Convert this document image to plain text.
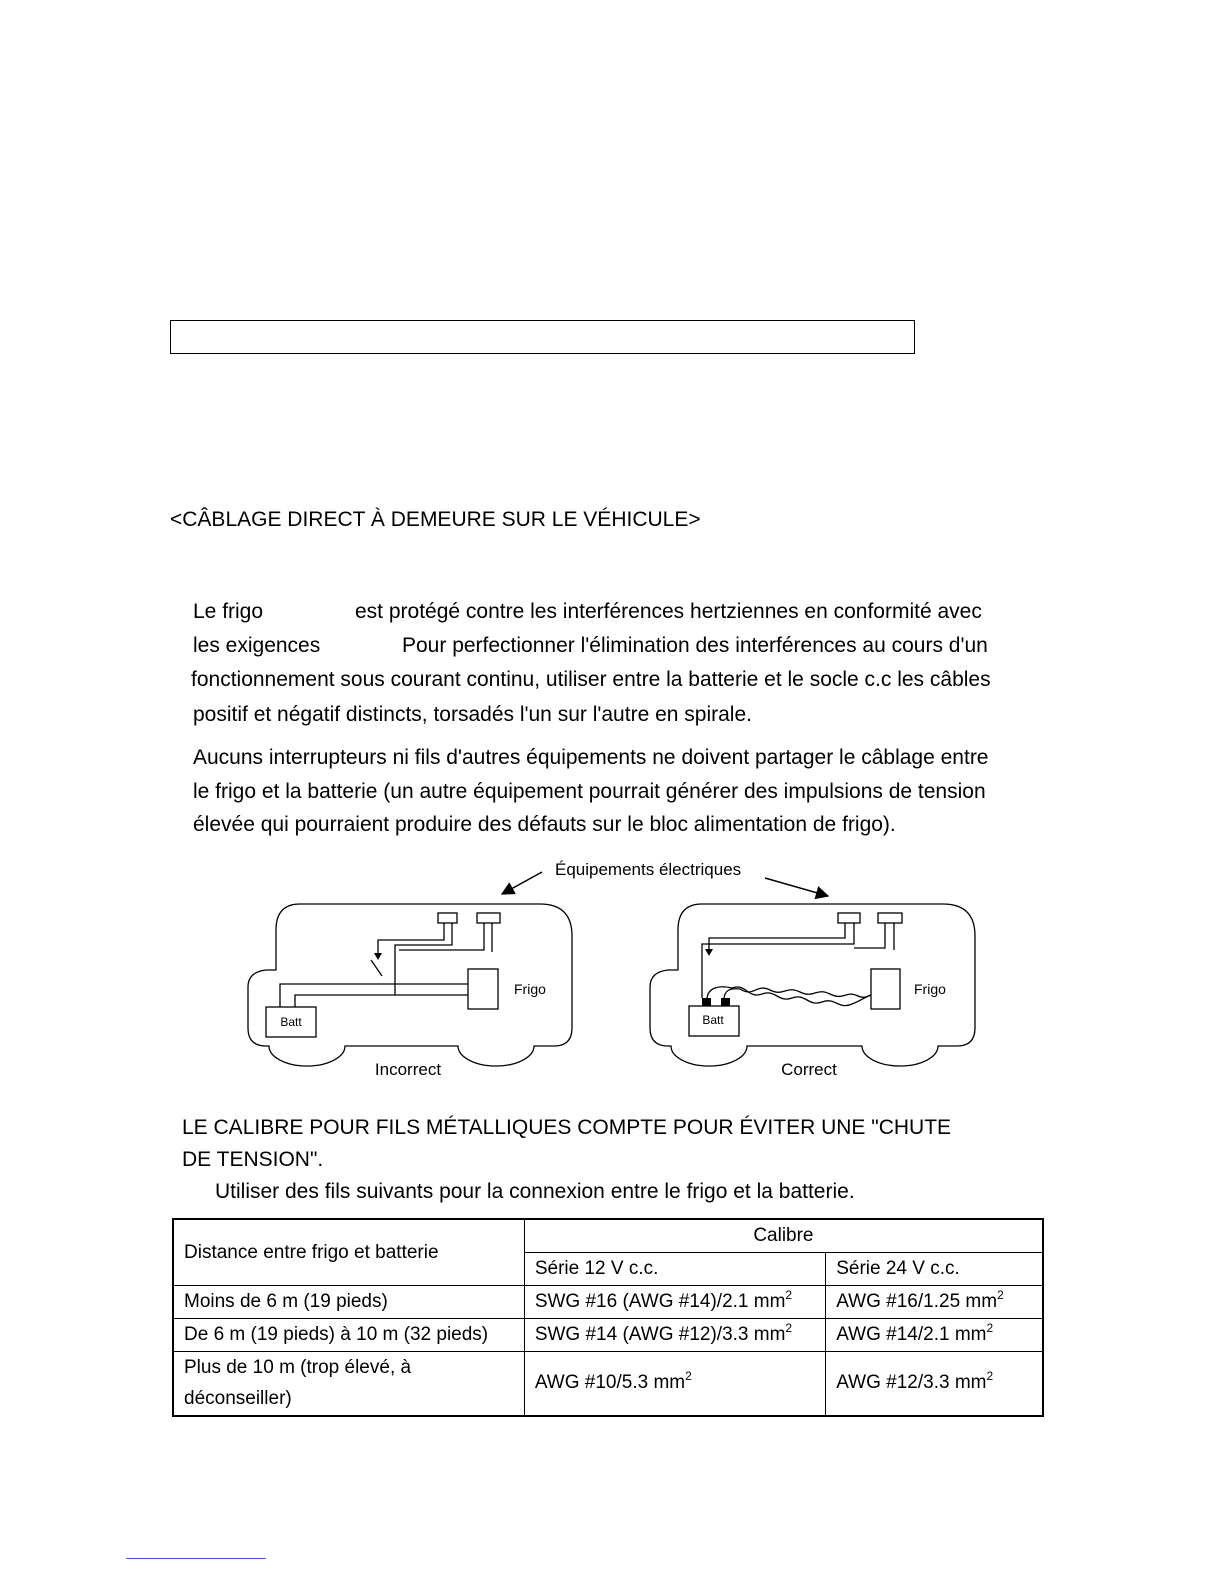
<CÂBLAGE DIRECT À DEMEURE SUR LE VÉHICULE>
Le frigo	est protégé contre les interférences hertziennes en conformité avec
les exigences	Pour perfectionner l'élimination des interférences au cours d'un
fonctionnement sous courant continu, utiliser entre la batterie et le socle c.c les câbles
positif et négatif distincts, torsadés l'un sur l'autre en spirale.
Aucuns interrupteurs ni fils d'autres équipements ne doivent partager le câblage entre
le frigo et la batterie (un autre équipement pourrait générer des impulsions de tension
élevée qui pourraient produire des défauts sur le bloc alimentation de frigo).
Équipements électriques
Batt
Frigo
Incorrect
Batt
Frigo
Correct
LE CALIBRE POUR FILS MÉTALLIQUES COMPTE POUR ÉVITER UNE "CHUTE
DE TENSION".
Utiliser des fils suivants pour la connexion entre le frigo et la batterie.
Distance entre frigo et batterie	Calibre	
	Série 12 V c.c.	Série 24 V c.c.
Moins de 6 m (19 pieds)	SWG #16 (AWG #14)/2.1 $mm^2$	AWG #16/1.25 $mm^2$
De 6 m (19 pieds) à 10 m (32 pieds)	SWG #14 (AWG #12)/3.3 $mm^2$	AWG #14/2.1 $mm^2$
Plus de 10 m (trop élevé, à déconseiller)	AWG #10/5.3 $mm^2$	AWG #12/3.3 $mm^2$
